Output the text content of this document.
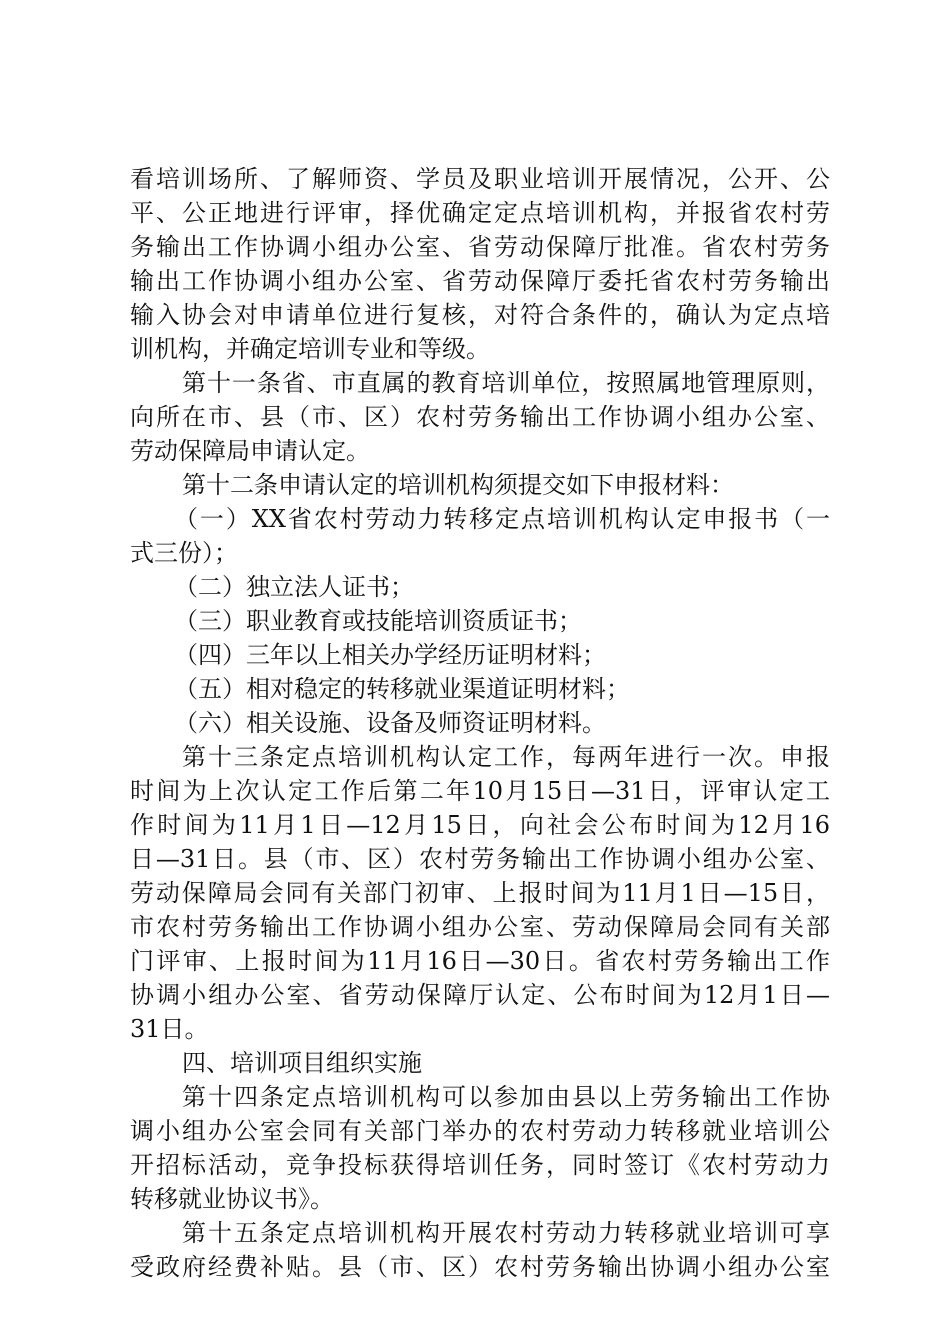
看培训场所、了解师资、学员及职业培训开展情况，公开、公
平、公正地进行评审，择优确定定点培训机构，并报省农村劳
务输出工作协调小组办公室、省劳动保障厅批准。省农村劳务
输出工作协调小组办公室、省劳动保障厅委托省农村劳务输出
输入协会对申请单位进行复核，对符合条件的，确认为定点培
训机构，并确定培训专业和等级。
第十一条省、市直属的教育培训单位，按照属地管理原则，
向所在市、县（市、区）农村劳务输出工作协调小组办公室、
劳动保障局申请认定。
第十二条申请认定的培训机构须提交如下申报材料：
（一）XX省农村劳动力转移定点培训机构认定申报书（一
式三份）；
（二）独立法人证书；
（三）职业教育或技能培训资质证书；
（四）三年以上相关办学经历证明材料；
（五）相对稳定的转移就业渠道证明材料；
（六）相关设施、设备及师资证明材料。
第十三条定点培训机构认定工作，每两年进行一次。申报
时间为上次认定工作后第二年10月15日—31日，评审认定工
作时间为11月1日—12月15日，向社会公布时间为12月16
日—31日。县（市、区）农村劳务输出工作协调小组办公室、
劳动保障局会同有关部门初审、上报时间为11月1日—15日，
市农村劳务输出工作协调小组办公室、劳动保障局会同有关部
门评审、上报时间为11月16日—30日。省农村劳务输出工作
协调小组办公室、省劳动保障厅认定、公布时间为12月1日—
31日。
四、培训项目组织实施
第十四条定点培训机构可以参加由县以上劳务输出工作协
调小组办公室会同有关部门举办的农村劳动力转移就业培训公
开招标活动，竞争投标获得培训任务，同时签订《农村劳动力
转移就业协议书》。
第十五条定点培训机构开展农村劳动力转移就业培训可享
受政府经费补贴。县（市、区）农村劳务输出协调小组办公室
